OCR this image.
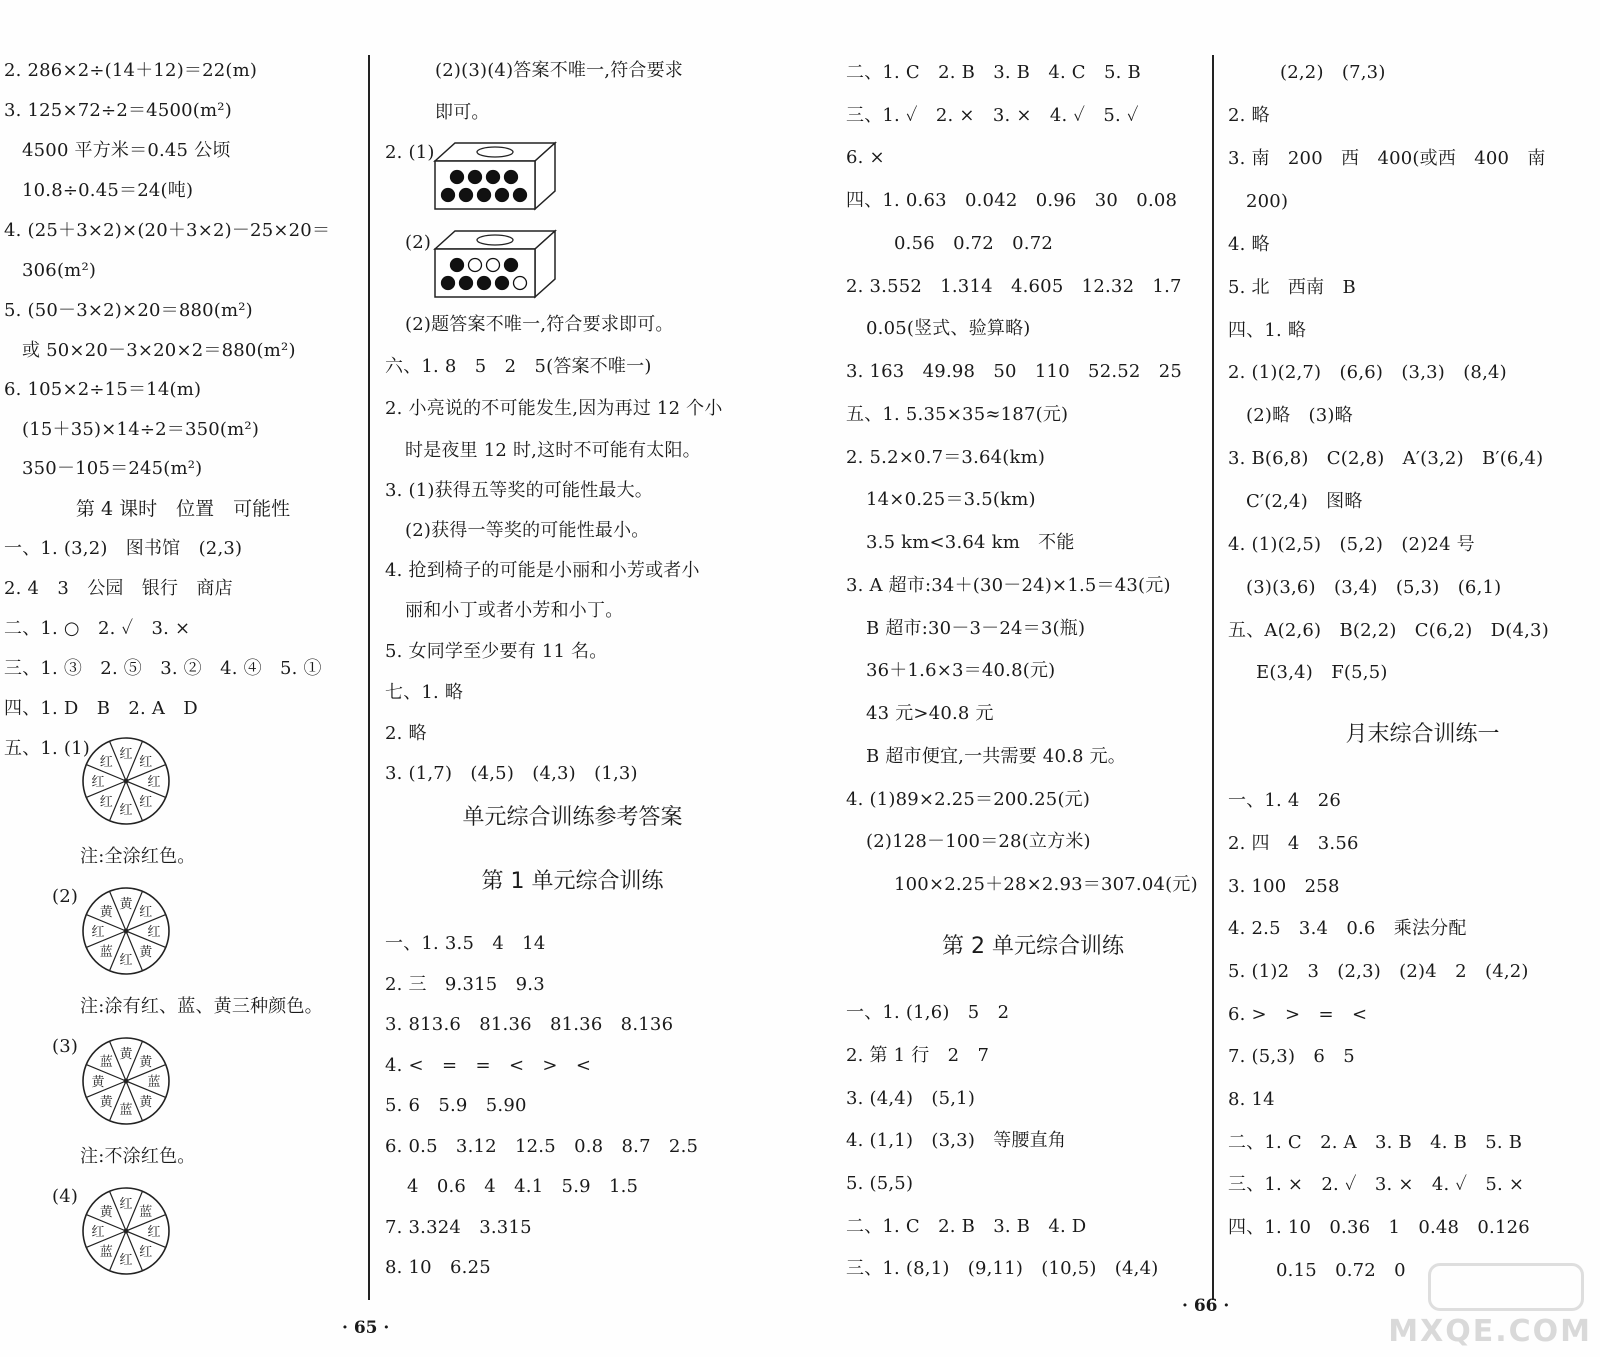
2. 286×2÷(14＋12)＝22(m)
3. 125×72÷2＝4500(m²)
4500 平方米＝0.45 公顷
10.8÷0.45＝24(吨)
4. (25＋3×2)×(20＋3×2)－25×20＝
306(m²)
5. (50－3×2)×20＝880(m²)
或 50×20－3×20×2＝880(m²)
6. 105×2÷15＝14(m)
(15＋35)×14÷2＝350(m²)
350－105＝245(m²)
第 4 课时　位置　可能性
一、1. (3,2)　图书馆　(2,3)
2. 4　3　公园　银行　商店
二、1. ○　2. ✓　3. ×
三、1. ③　2. ⑤　3. ②　4. ④　5. ①
四、1. D　B　2. A　D
五、1. (1) 红
红
红
红
红
红
红
红
注:全涂红色。
(2)	黄
红
红
黄
红
蓝
红
黄
注:涂有红、蓝、黄三种颜色。
(3)	黄
黄
蓝
黄
蓝
黄
黄
蓝
注:不涂红色。
(4)	红
蓝
红
红
红
蓝
红
黄
(2)(3)(4)答案不唯一,符合要求
即可。
2. (1)
(2)
(2)题答案不唯一,符合要求即可。
六、1. 8　5　2　5(答案不唯一)
2. 小亮说的不可能发生,因为再过 12 个小
时是夜里 12 时,这时不可能有太阳。
3. (1)获得五等奖的可能性最大。
(2)获得一等奖的可能性最小。
4. 抢到椅子的可能是小丽和小芳或者小
丽和小丁或者小芳和小丁。
5. 女同学至少要有 11 名。
七、1. 略
2. 略
3. (1,7)　(4,5)　(4,3)　(1,3)
单元综合训练参考答案
第 1 单元综合训练
一、1. 3.5　4　14
2. 三　9.315　9.3
3. 813.6　81.36　81.36　8.136
4. <　=　=　<　>　<
5. 6　5.9　5.90
6. 0.5　3.12　12.5　0.8　8.7　2.5
4　0.6　4　4.1　5.9　1.5
7. 3.324　3.315
8. 10　6.25
· 65 ·
二、1. C　2. B　3. B　4. C　5. B
三、1. ✓　2. ×　3. ×　4. ✓　5. ✓
6. ×
四、1. 0.63　0.042　0.96　30　0.08
0.56　0.72　0.72
2. 3.552　1.314　4.605　12.32　1.7
0.05(竖式、验算略)
3. 163　49.98　50　110　52.52　25
五、1. 5.35×35≈187(元)
2. 5.2×0.7＝3.64(km)
14×0.25＝3.5(km)
3.5 km<3.64 km　不能
3. A 超市:34＋(30－24)×1.5＝43(元)
B 超市:30－3－24＝3(瓶)
36＋1.6×3＝40.8(元)
43 元>40.8 元
B 超市便宜,一共需要 40.8 元。
4. (1)89×2.25＝200.25(元)
(2)128－100＝28(立方米)
100×2.25＋28×2.93＝307.04(元)
第 2 单元综合训练
一、1. (1,6)　5　2
2. 第 1 行　2　7
3. (4,4)　(5,1)
4. (1,1)　(3,3)　等腰直角
5. (5,5)
二、1. C　2. B　3. B　4. D
三、1. (8,1)　(9,11)　(10,5)　(4,4)
(2,2)　(7,3)
2. 略
3. 南　200　西　400(或西　400　南
200)
4. 略
5. 北　西南　B
四、1. 略
2. (1)(2,7)　(6,6)　(3,3)　(8,4)
(2)略　(3)略
3. B(6,8)　C(2,8)　A′(3,2)　B′(6,4)
C′(2,4)　图略
4. (1)(2,5)　(5,2)　(2)24 号
(3)(3,6)　(3,4)　(5,3)　(6,1)
五、A(2,6)　B(2,2)　C(6,2)　D(4,3)
E(3,4)　F(5,5)
月末综合训练一
一、1. 4　26
2. 四　4　3.56
3. 100　258
4. 2.5　3.4　0.6　乘法分配
5. (1)2　3　(2,3)　(2)4　2　(4,2)
6. >　>　=　<
7. (5,3)　6　5
8. 14
二、1. C　2. A　3. B　4. B　5. B
三、1. ×　2. ✓　3. ×　4. ✓　5. ×
四、1. 10　0.36　1　0.48　0.126
0.15　0.72　0
· 66 ·
MXQE.COM
